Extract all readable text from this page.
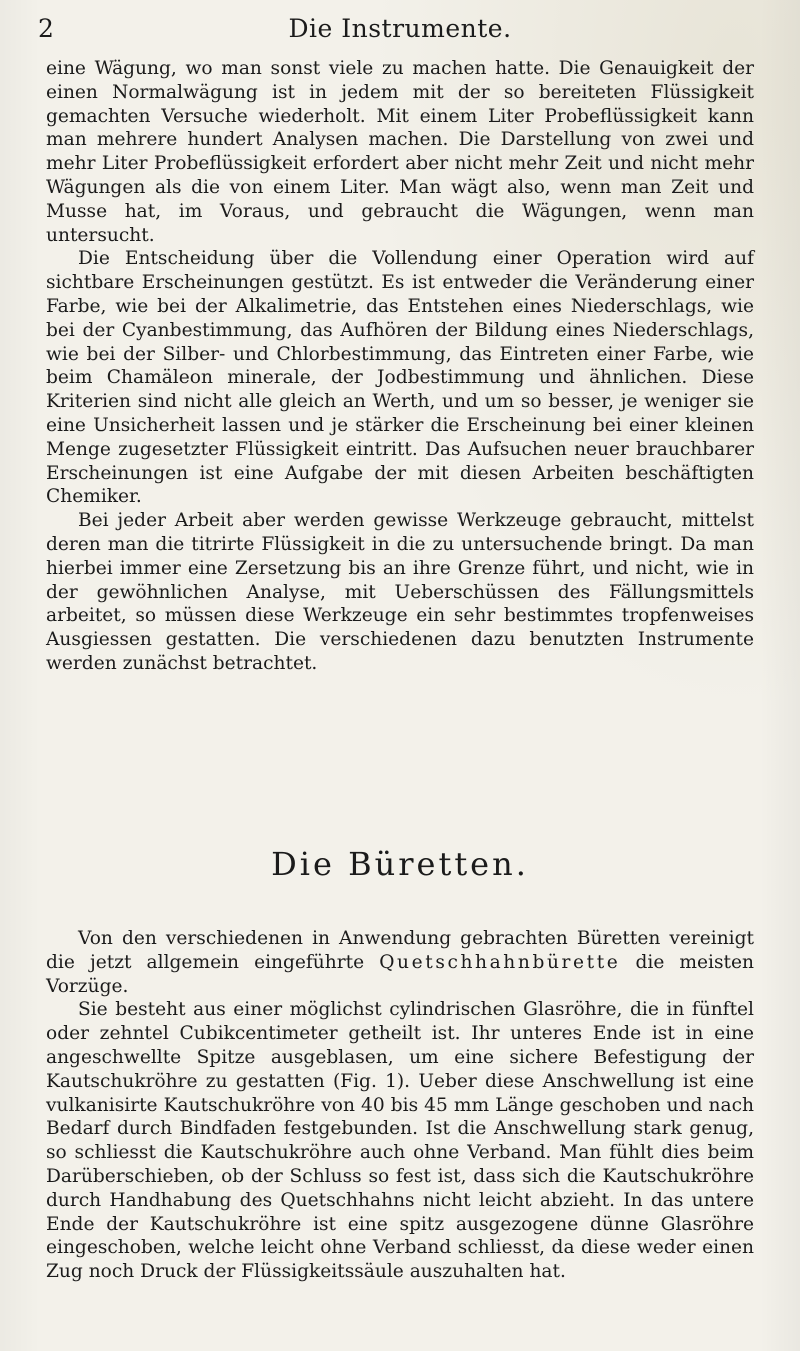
2	Die Instrumente.

eine Wägung, wo man sonst viele zu machen hatte. Die Genauigkeit der einen Normalwägung ist in jedem mit der so bereiteten Flüssigkeit gemachten Versuche wiederholt. Mit einem Liter Probeflüssigkeit kann man mehrere hundert Analysen machen. Die Darstellung von zwei und mehr Liter Probeflüssigkeit erfordert aber nicht mehr Zeit und nicht mehr Wägungen als die von einem Liter. Man wägt also, wenn man Zeit und Musse hat, im Voraus, und gebraucht die Wägungen, wenn man untersucht.

Die Entscheidung über die Vollendung einer Operation wird auf sichtbare Erscheinungen gestützt. Es ist entweder die Veränderung einer Farbe, wie bei der Alkalimetrie, das Entstehen eines Niederschlags, wie bei der Cyanbestimmung, das Aufhören der Bildung eines Niederschlags, wie bei der Silber- und Chlorbestimmung, das Eintreten einer Farbe, wie beim Chamäleon minerale, der Jodbestimmung und ähnlichen. Diese Kriterien sind nicht alle gleich an Werth, und um so besser, je weniger sie eine Unsicherheit lassen und je stärker die Erscheinung bei einer kleinen Menge zugesetzter Flüssigkeit eintritt. Das Aufsuchen neuer brauchbarer Erscheinungen ist eine Aufgabe der mit diesen Arbeiten beschäftigten Chemiker.

Bei jeder Arbeit aber werden gewisse Werkzeuge gebraucht, mittelst deren man die titrirte Flüssigkeit in die zu untersuchende bringt. Da man hierbei immer eine Zersetzung bis an ihre Grenze führt, und nicht, wie in der gewöhnlichen Analyse, mit Ueberschüssen des Fällungsmittels arbeitet, so müssen diese Werkzeuge ein sehr bestimmtes tropfenweises Ausgiessen gestatten. Die verschiedenen dazu benutzten Instrumente werden zunächst betrachtet.

Die Büretten.

Von den verschiedenen in Anwendung gebrachten Büretten vereinigt die jetzt allgemein eingeführte Quetschhahnbürette die meisten Vorzüge.

Sie besteht aus einer möglichst cylindrischen Glasröhre, die in fünftel oder zehntel Cubikcentimeter getheilt ist. Ihr unteres Ende ist in eine angeschwellte Spitze ausgeblasen, um eine sichere Befestigung der Kautschukröhre zu gestatten (Fig. 1). Ueber diese Anschwellung ist eine vulkanisirte Kautschukröhre von 40 bis 45 mm Länge geschoben und nach Bedarf durch Bindfaden festgebunden. Ist die Anschwellung stark genug, so schliesst die Kautschukröhre auch ohne Verband. Man fühlt dies beim Darüberschieben, ob der Schluss so fest ist, dass sich die Kautschukröhre durch Handhabung des Quetschhahns nicht leicht abzieht. In das untere Ende der Kautschukröhre ist eine spitz ausgezogene dünne Glasröhre eingeschoben, welche leicht ohne Verband schliesst, da diese weder einen Zug noch Druck der Flüssigkeitssäule auszuhalten hat.
